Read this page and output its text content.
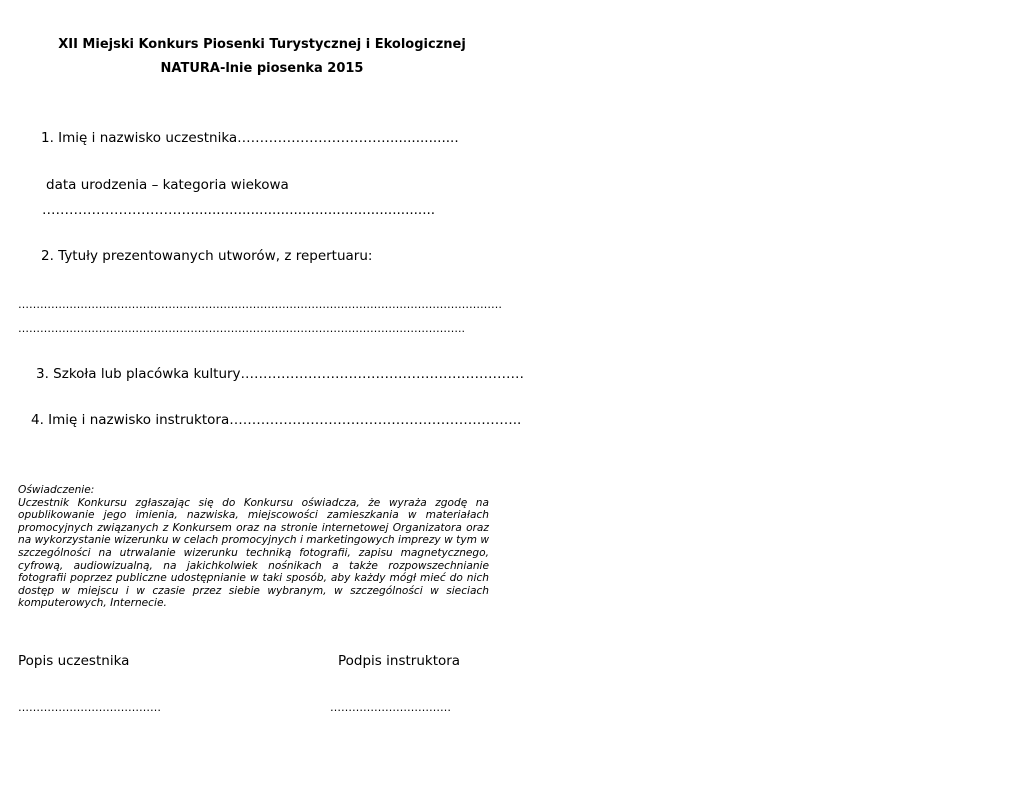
XII Miejski Konkurs Piosenki Turystycznej i Ekologicznej
NATURA-lnie piosenka 2015
1. Imię i nazwisko uczestnika…………………………….................
data urodzenia – kategoria wiekowa
…………………………….........................................................
2. Tytuły prezentowanych utworów, z repertuaru:
……………………………………………………………………………………………………………………
…………………………………………………………………………………………………………..
3. Szkoła lub placówka kultury………………………………………………………
4. Imię i nazwisko instruktora………………………………………………………..
Oświadczenie:
Uczestnik Konkursu zgłaszając się do Konkursu oświadcza, że wyraża zgodę na opublikowanie jego imienia, nazwiska, miejscowości zamieszkania w materiałach promocyjnych związanych z Konkursem oraz na stronie internetowej Organizatora oraz na wykorzystanie wizerunku w celach promocyjnych i marketingowych imprezy w tym w szczególności na utrwalanie wizerunku techniką fotografii, zapisu magnetycznego, cyfrową, audiowizualną, na jakichkolwiek nośnikach a także rozpowszechnianie fotografii poprzez publiczne udostępnianie w taki sposób, aby każdy mógł mieć do nich dostęp w miejscu i w czasie przez siebie wybranym, w szczególności w sieciach komputerowych, Internecie.
Popis uczestnika	Podpis instruktora
…………………………………	……………………………
